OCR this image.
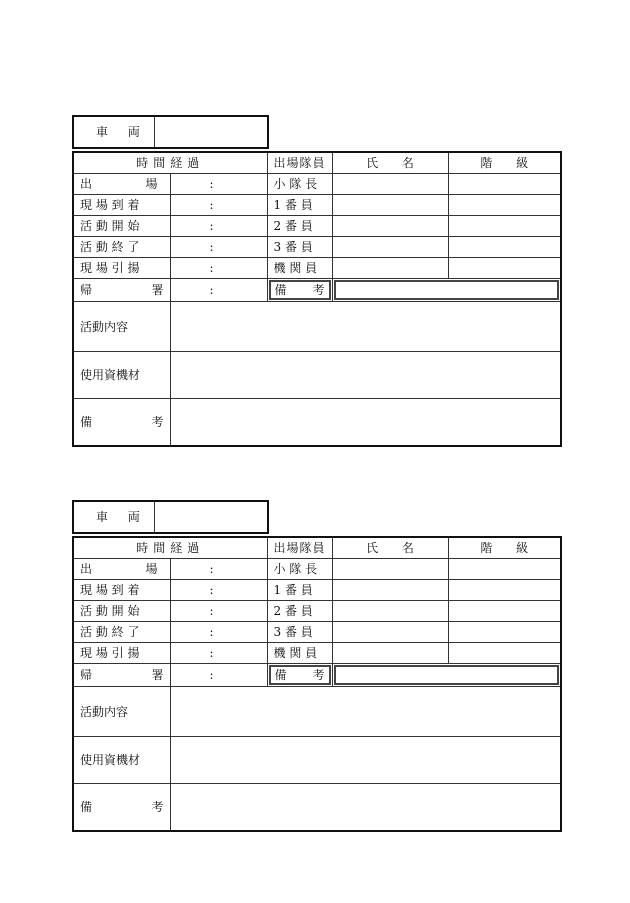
車 両	
時間経過		出場隊員	氏 名	階 級

出 場	:	小 隊 長		
現 場 到 着	:	1 番 員		
活 動 開 始	:	2 番 員		
活 動 終 了	:	3 番 員		
現 場 引 揚	:	機 関 員		

帰 署	:	備 考		

活動内容				
使用資機材				

備 考				

車 両	
時間経過		出場隊員	氏 名	階 級

出 場	:	小 隊 長		
現 場 到 着	:	1 番 員		
活 動 開 始	:	2 番 員		
活 動 終 了	:	3 番 員		
現 場 引 揚	:	機 関 員		

帰 署	:	備 考		

活動内容				
使用資機材				

備 考				
